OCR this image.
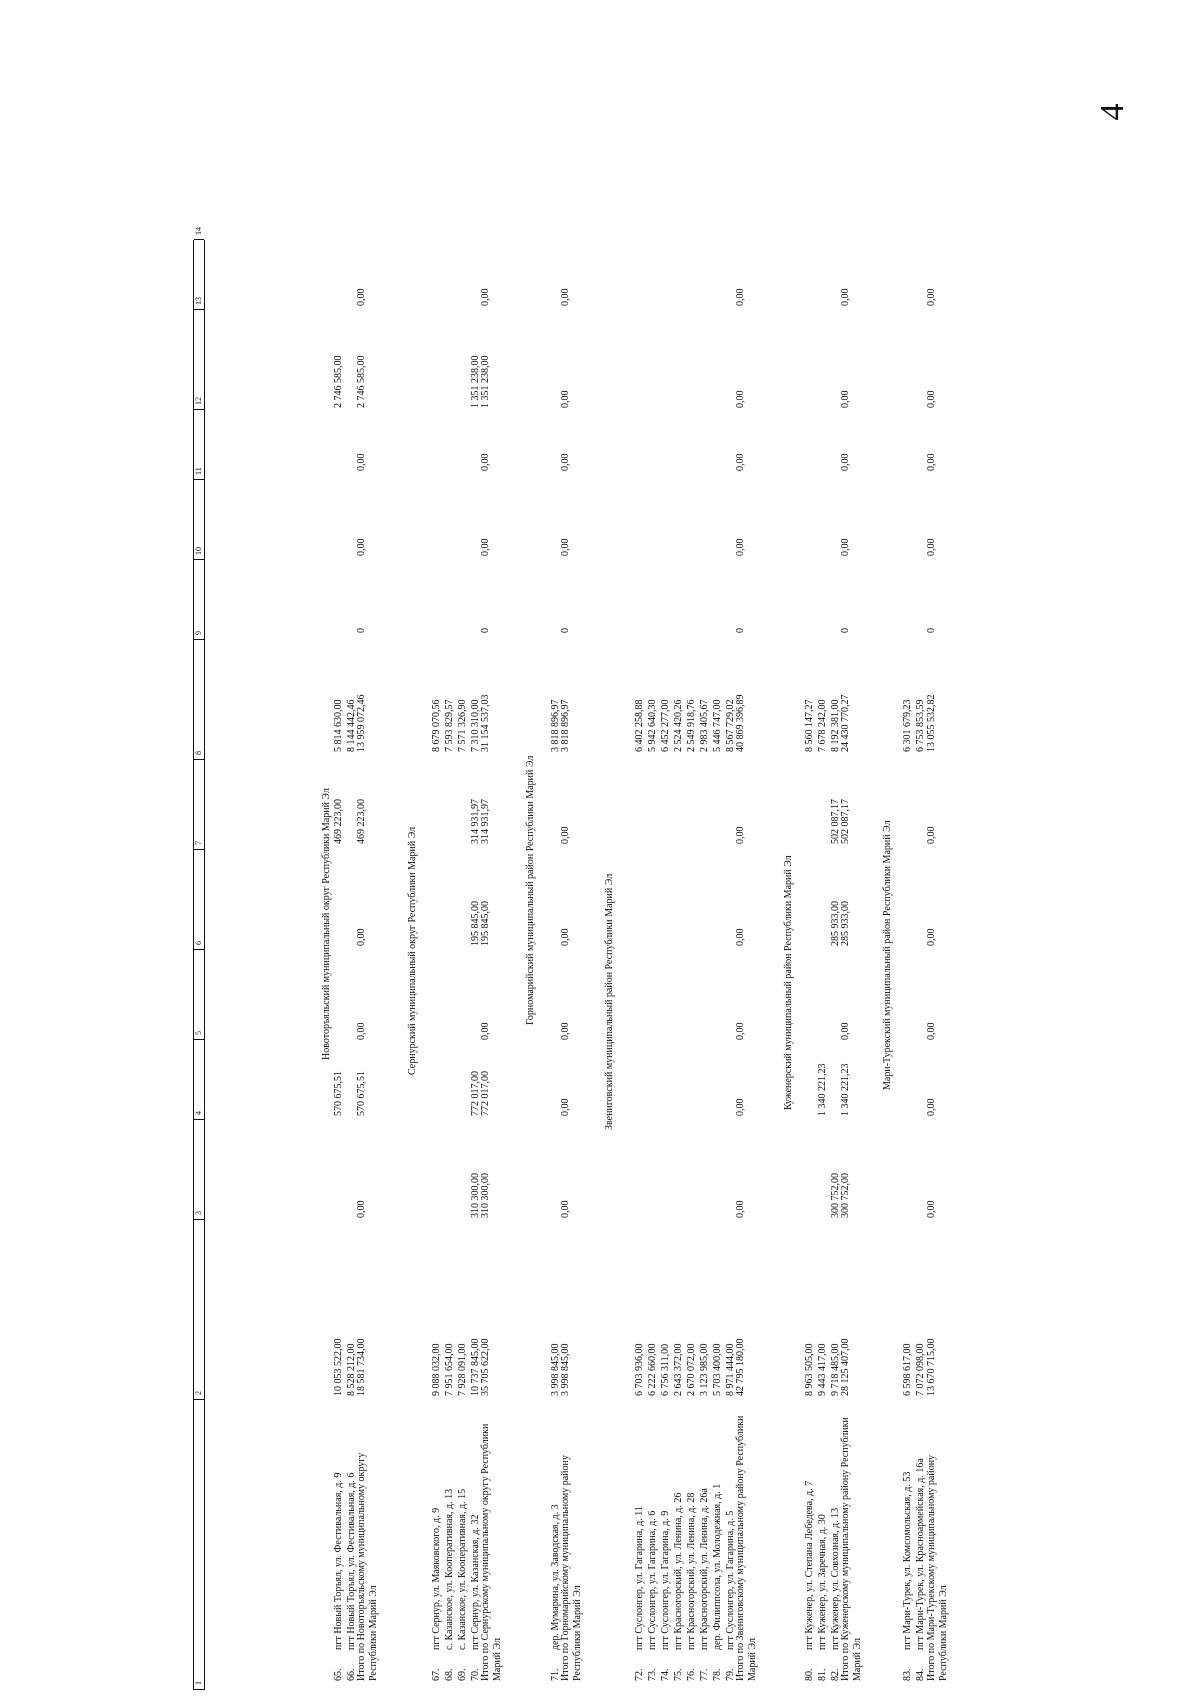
4
1
2
3
4
5
6
7
8
9
10
11
12
13
14
Новоторъяльский муниципальный округ Республики Марий Эл
65.
пгт Новый Торъял, ул. Фестивальная, д. 9
10 053 522,00
570 675,51
469 223,00
5 814 630,00
2 746 585,00
66.
пгт Новый Торъял, ул. Фестивальная, д. 6
8 528 212,00
8 144 442,46
Итого по Новоторъяльскому муниципальному округу Республики Марий Эл
18 581 734,00
0,00
570 675,51
0,00
0,00
469 223,00
13 959 072,46
0
0,00
0,00
2 746 585,00
0,00
Сернурский муниципальный округ Республики Марий Эл
67.
пгт Сернур, ул. Маяковского, д. 9
9 088 032,00
8 679 070,56
68.
с. Казанское, ул. Кооперативная, д. 13
7 951 654,00
7 593 829,57
69.
с. Казанское, ул. Кооперативная, д. 15
7 928 091,00
7 571 326,90
70.
пгт Сернур, ул. Казанская, д. 32
10 737 845,00
310 300,00
772 017,00
195 845,00
314 931,97
7 310 310,00
1 351 238,00
Итого по Сернурскому муниципальному округу Республики Марий Эл
35 705 622,00
310 300,00
772 017,00
0,00
195 845,00
314 931,97
31 154 537,03
0
0,00
0,00
1 351 238,00
0,00
Горномарийский муниципальный район Республики Марий Эл
71.
дер. Мумарина, ул. Заводская, д. 3
3 998 845,00
3 818 896,97
Итого по Горномарийскому муниципальному району Республики Марий Эл
3 998 845,00
0,00
0,00
0,00
0,00
0,00
3 818 896,97
0
0,00
0,00
0,00
0,00
Звениговский муниципальный район Республики Марий Эл
72.
пгт Суслонгер, ул. Гагарина, д. 11
6 703 936,00
6 402 258,88
73.
пгт Суслонгер, ул. Гагарина, д. 6
6 222 660,00
5 942 640,30
74.
пгт Суслонгер, ул. Гагарина, д. 9
6 756 311,00
6 452 277,00
75.
пгт Красногорский, ул. Ленина, д. 26
2 643 372,00
2 524 420,26
76.
пгт Красногорский, ул. Ленина, д. 28
2 670 072,00
2 549 918,76
77.
пгт Красногорский, ул. Ленина, д. 26а
3 123 985,00
2 983 405,67
78.
дер. Филиппсола, ул. Молодежная, д. 1
5 703 400,00
5 446 747,00
79.
пгт Суслонгер, ул. Гагарина, д. 5
8 971 444,00
8 567 729,02
Итого по Звениговскому муниципальному району Республики Марий Эл
42 795 180,00
0,00
0,00
0,00
0,00
0,00
40 869 396,89
0
0,00
0,00
0,00
0,00
Куженерский муниципальный район Республики Марий Эл
80.
пгт Куженер, ул. Степана Лебедева, д. 7
8 963 505,00
8 560 147,27
81.
пгт Куженер, ул. Заречная, д. 30
9 443 417,00
1 340 221,23
7 678 242,00
82.
пгт Куженер, ул. Совхозная, д. 13
9 718 485,00
300 752,00
285 933,00
502 087,17
8 192 381,00
Итого по Куженерскому муниципальному району Республики Марий Эл
28 125 407,00
300 752,00
1 340 221,23
0,00
285 933,00
502 087,17
24 430 770,27
0
0,00
0,00
0,00
0,00
Мари-Турекский муниципальный район Республики Марий Эл
83.
пгт Мари-Турек, ул. Комсомольская, д. 53
6 598 617,00
6 301 679,23
84.
пгт Мари-Турек, ул. Красноармейская, д. 16а
7 072 098,00
6 753 853,59
Итого по Мари-Турекскому муниципальному району Республики Марий Эл
13 670 715,00
0,00
0,00
0,00
0,00
0,00
13 055 532,82
0
0,00
0,00
0,00
0,00
